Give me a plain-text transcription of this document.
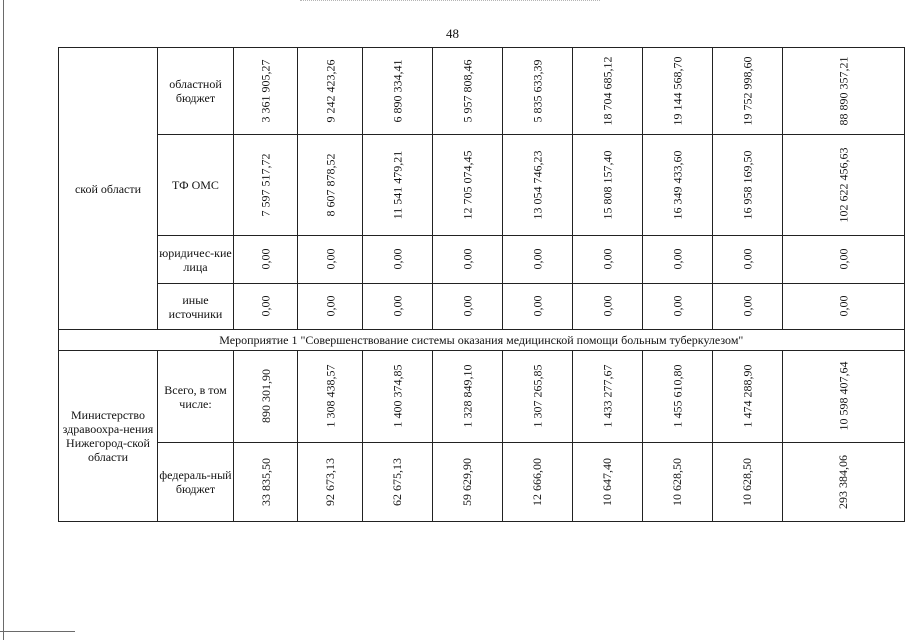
48
ской области	областной бюджет	3 361 905,27	9 242 423,26	6 890 334,41	5 957 808,46	5 835 633,39	18 704 685,12	19 144 568,70	19 752 998,60	88 890 357,21
	ТФ ОМС	7 597 517,72	8 607 878,52	11 541 479,21	12 705 074,45	13 054 746,23	15 808 157,40	16 349 433,60	16 958 169,50	102 622 456,63
	юридичес-кие лица	0,00	0,00	0,00	0,00	0,00	0,00	0,00	0,00	0,00
	иные источники	0,00	0,00	0,00	0,00	0,00	0,00	0,00	0,00	0,00
Мероприятие 1 "Совершенствование системы оказания медицинской помощи больным туберкулезом"										
Министерство здравоохра-нения Нижегород-ской области	Всего, в том числе:	890 301,90	1 308 438,57	1 400 374,85	1 328 849,10	1 307 265,85	1 433 277,67	1 455 610,80	1 474 288,90	10 598 407,64
	федераль-ный бюджет	33 835,50	92 673,13	62 675,13	59 629,90	12 666,00	10 647,40	10 628,50	10 628,50	293 384,06
